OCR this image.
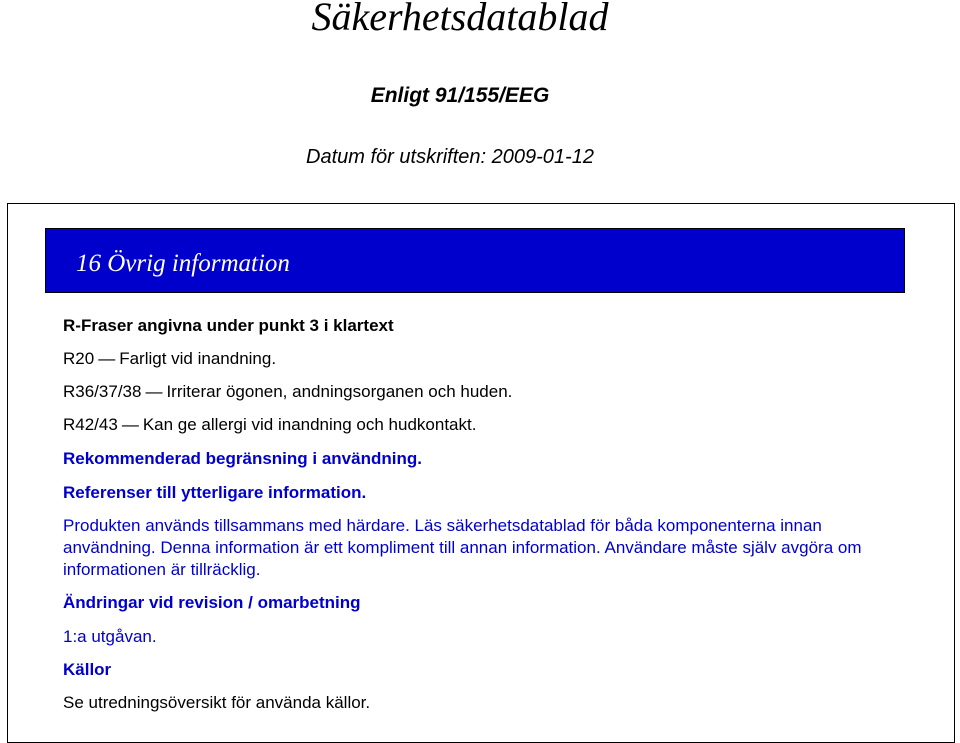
Säkerhetsdatablad
Enligt 91/155/EEG
Datum för utskriften: 2009-01-12
16 Övrig information
R-Fraser angivna under punkt 3 i klartext
R20 — Farligt vid inandning.
R36/37/38 — Irriterar ögonen, andningsorganen och huden.
R42/43 — Kan ge allergi vid inandning och hudkontakt.
Rekommenderad begränsning i användning.
Referenser till ytterligare information.
Produkten används tillsammans med härdare. Läs säkerhetsdatablad för båda komponenterna innan användning. Denna information är ett kompliment till annan information. Användare måste själv avgöra om informationen är tillräcklig.
Ändringar vid revision / omarbetning
1:a utgåvan.
Källor
Se utredningsöversikt för använda källor.
